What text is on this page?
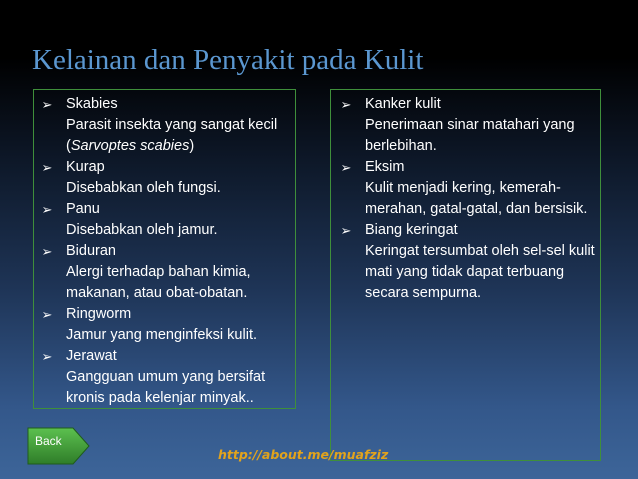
Kelainan dan Penyakit pada Kulit
➢ Skabies
Parasit insekta yang sangat kecil (Sarvoptes scabies)
➢ Kurap
Disebabkan oleh fungsi.
➢ Panu
Disebabkan oleh jamur.
➢ Biduran
Alergi terhadap bahan kimia, makanan, atau obat-obatan.
➢ Ringworm
Jamur yang menginfeksi kulit.
➢ Jerawat
Gangguan umum yang bersifat kronis pada kelenjar minyak..
➢ Kanker kulit
Penerimaan sinar matahari yang berlebihan.
➢ Eksim
Kulit menjadi kering, kemerah-merahan, gatal-gatal, dan bersisik.
➢ Biang keringat
Keringat tersumbat oleh sel-sel kulit mati yang tidak dapat terbuang secara sempurna.
Back
http://about.me/muafziz
